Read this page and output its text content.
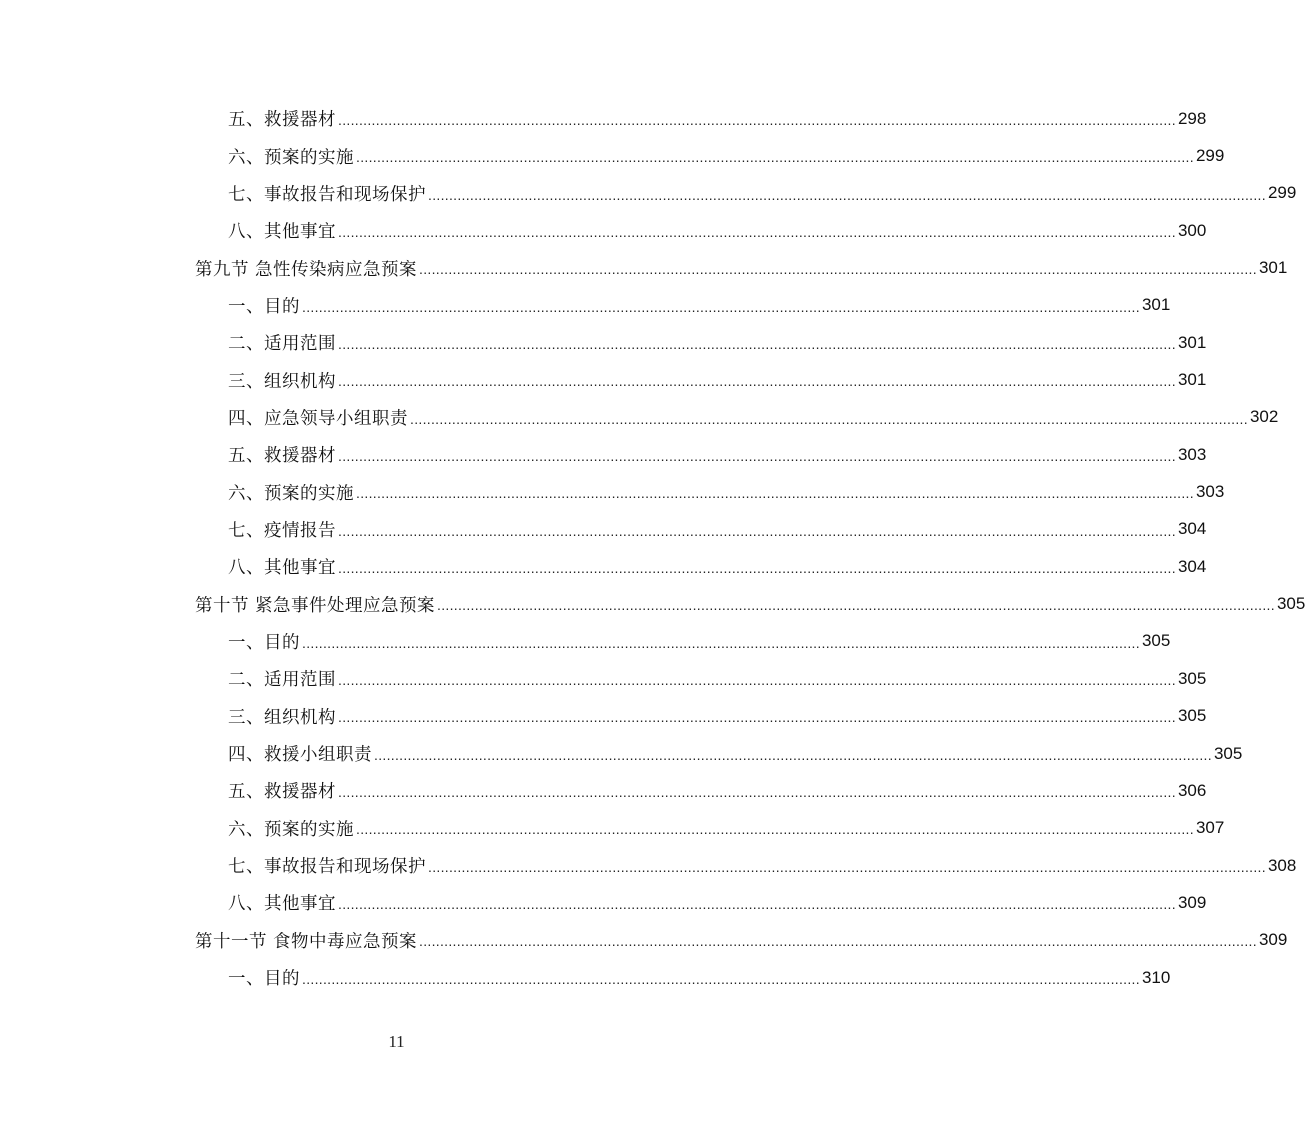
五、救援器材 ........................................................................................................................................................................................................ 298
六、预案的实施 ........................................................................................................................................................................................................ 299
七、事故报告和现场保护 ........................................................................................................................................................................................................ 299
八、其他事宜 ........................................................................................................................................................................................................ 300
第九节 急性传染病应急预案 ........................................................................................................................................................................................................ 301
一、目的 ........................................................................................................................................................................................................ 301
二、适用范围 ........................................................................................................................................................................................................ 301
三、组织机构 ........................................................................................................................................................................................................ 301
四、应急领导小组职责 ........................................................................................................................................................................................................ 302
五、救援器材 ........................................................................................................................................................................................................ 303
六、预案的实施 ........................................................................................................................................................................................................ 303
七、疫情报告 ........................................................................................................................................................................................................ 304
八、其他事宜 ........................................................................................................................................................................................................ 304
第十节 紧急事件处理应急预案 ........................................................................................................................................................................................................ 305
一、目的 ........................................................................................................................................................................................................ 305
二、适用范围 ........................................................................................................................................................................................................ 305
三、组织机构 ........................................................................................................................................................................................................ 305
四、救援小组职责 ........................................................................................................................................................................................................ 305
五、救援器材 ........................................................................................................................................................................................................ 306
六、预案的实施 ........................................................................................................................................................................................................ 307
七、事故报告和现场保护 ........................................................................................................................................................................................................ 308
八、其他事宜 ........................................................................................................................................................................................................ 309
第十一节 食物中毒应急预案 ........................................................................................................................................................................................................ 309
一、目的 ........................................................................................................................................................................................................ 310
11
